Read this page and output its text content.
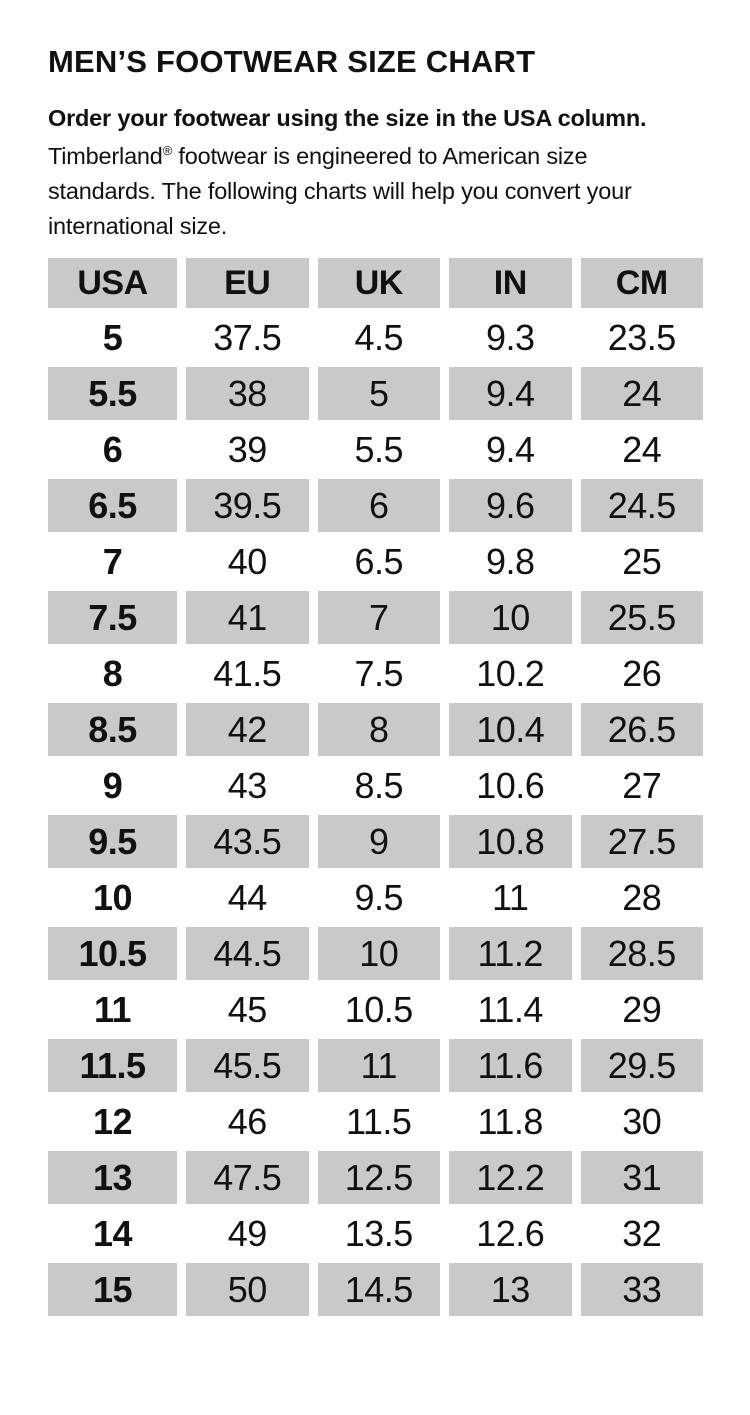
MEN’S FOOTWEAR SIZE CHART

Order your footwear using the size in the USA column.

Timberland® footwear is engineered to American size
standards. The following charts will help you convert your
international size.
USA	EU	UK	IN	CM
5	37.5	4.5	9.3	23.5
5.5	38	5	9.4	24
6	39	5.5	9.4	24
6.5	39.5	6	9.6	24.5
7	40	6.5	9.8	25
7.5	41	7	10	25.5
8	41.5	7.5	10.2	26
8.5	42	8	10.4	26.5
9	43	8.5	10.6	27
9.5	43.5	9	10.8	27.5
10	44	9.5	11	28
10.5	44.5	10	11.2	28.5
11	45	10.5	11.4	29
11.5	45.5	11	11.6	29.5
12	46	11.5	11.8	30
13	47.5	12.5	12.2	31
14	49	13.5	12.6	32
15	50	14.5	13	33
